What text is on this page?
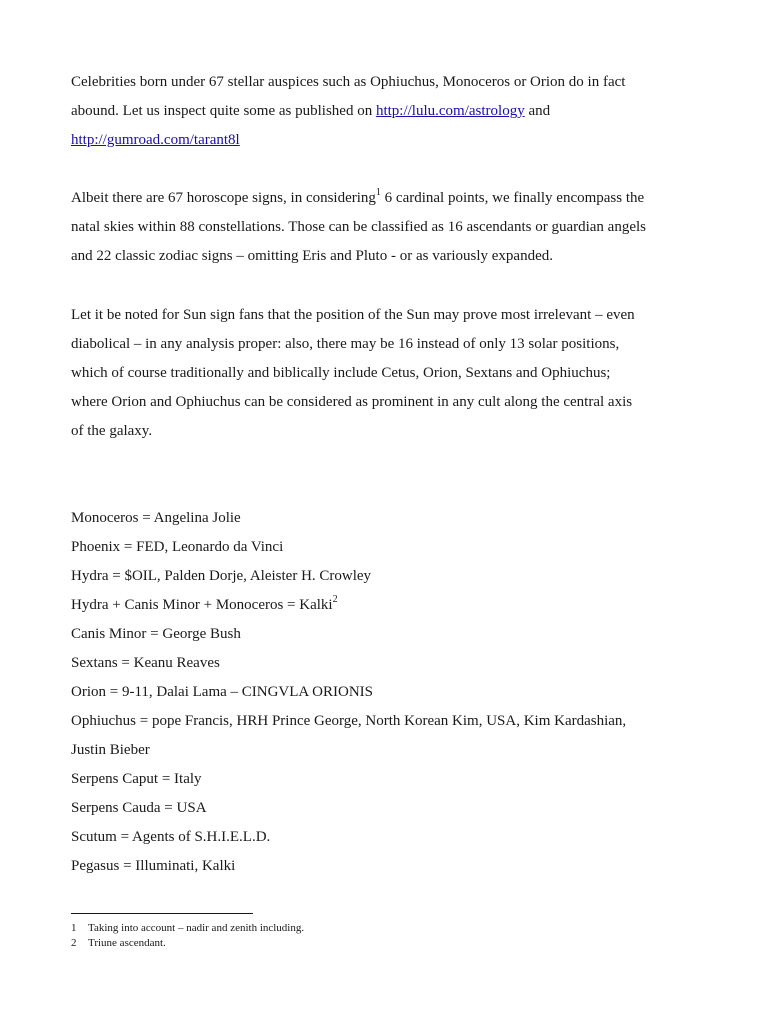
Celebrities born under 67 stellar auspices such as Ophiuchus, Monoceros or Orion do in fact
abound. Let us inspect quite some as published on http://lulu.com/astrology and
http://gumroad.com/tarant8l
Albeit there are 67 horoscope signs, in considering$^1$ 6 cardinal points, we finally encompass the
natal skies within 88 constellations. Those can be classified as 16 ascendants or guardian angels
and 22 classic zodiac signs – omitting Eris and Pluto - or as variously expanded.
Let it be noted for Sun sign fans that the position of the Sun may prove most irrelevant – even
diabolical – in any analysis proper: also, there may be 16 instead of only 13 solar positions,
which of course traditionally and biblically include Cetus, Orion, Sextans and Ophiuchus;
where Orion and Ophiuchus can be considered as prominent in any cult along the central axis
of the galaxy.
Monoceros = Angelina Jolie
Phoenix = FED, Leonardo da Vinci
Hydra = $OIL, Palden Dorje, Aleister H. Crowley
Hydra + Canis Minor + Monoceros = Kalki$^2$
Canis Minor = George Bush
Sextans = Keanu Reaves
Orion = 9-11, Dalai Lama – CINGVLA ORIONIS
Ophiuchus = pope Francis, HRH Prince George, North Korean Kim, USA, Kim Kardashian,
Justin Bieber
Serpens Caput = Italy
Serpens Cauda = USA
Scutum = Agents of S.H.I.E.L.D.
Pegasus = Illuminati, Kalki
1 Taking into account – nadir and zenith including.
2 Triune ascendant.
